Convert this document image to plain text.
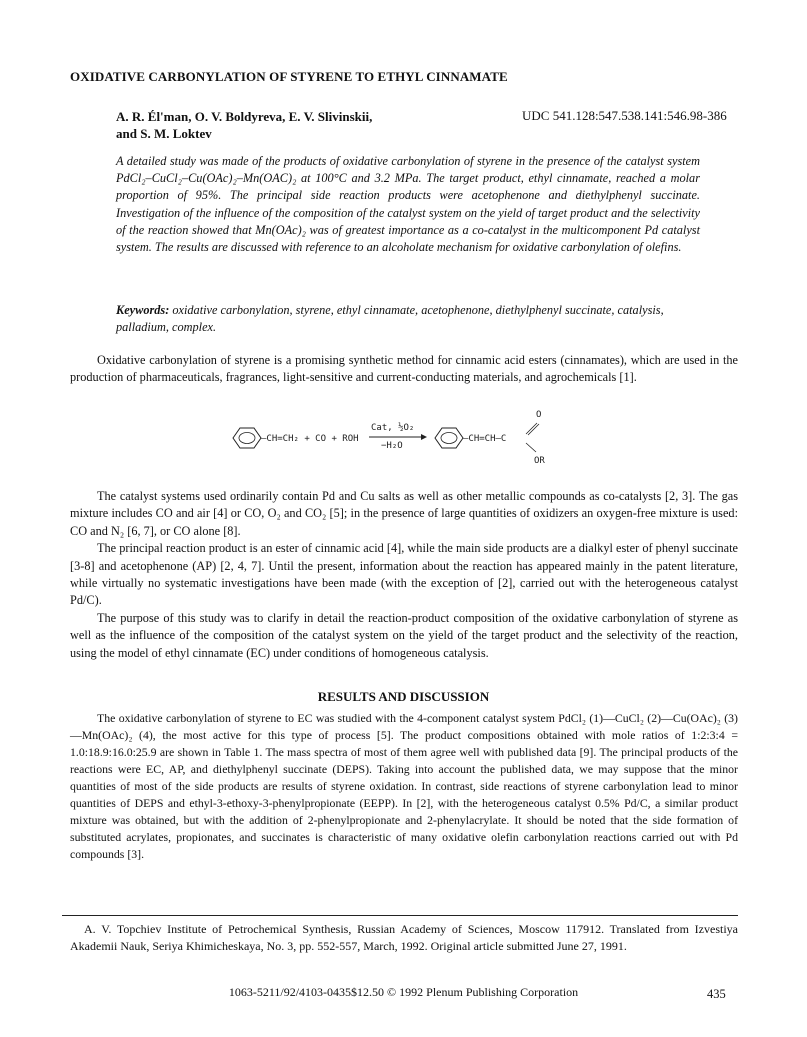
OXIDATIVE CARBONYLATION OF STYRENE TO ETHYL CINNAMATE
A. R. Él'man, O. V. Boldyreva, E. V. Slivinskii,
and S. M. Loktev
UDC 541.128:547.538.141:546.98-386

A detailed study was made of the products of oxidative carbonylation of styrene in the presence of the catalyst system PdCl₂–CuCl₂–Cu(OAc)₂–Mn(OAC)₂ at 100°C and 3.2 MPa. The target product, ethyl cinnamate, reached a molar proportion of 95%. The principal side reaction products were acetophenone and diethylphenyl succinate. Investigation of the influence of the composition of the catalyst system on the yield of target product and the selectivity of the reaction showed that Mn(OAc)₂ was of greatest importance as a co-catalyst in the multicomponent Pd catalyst system. The results are discussed with reference to an alcoholate mechanism for oxidative carbonylation of olefins.

Keywords: oxidative carbonylation, styrene, ethyl cinnamate, acetophenone, diethylphenyl succinate, catalysis, palladium, complex.

Oxidative carbonylation of styrene is a promising synthetic method for cinnamic acid esters (cinnamates), which are used in the production of pharmaceuticals, fragrances, light-sensitive and current-conducting materials, and agrochemicals [1].

—CH=CH₂ + CO + ROH
Cat, ½O₂
−H₂O
—CH=CH—C
O
OR

The catalyst systems used ordinarily contain Pd and Cu salts as well as other metallic compounds as co-catalysts [2, 3]. The gas mixture includes CO and air [4] or CO, O₂ and CO₂ [5]; in the presence of large quantities of oxidizers an oxygen-free mixture is used: CO and N₂ [6, 7], or CO alone [8].

The principal reaction product is an ester of cinnamic acid [4], while the main side products are a dialkyl ester of phenyl succinate [3-8] and acetophenone (AP) [2, 4, 7]. Until the present, information about the reaction has appeared mainly in the patent literature, while virtually no systematic investigations have been made (with the exception of [2], carried out with the heterogeneous catalyst Pd/C).

The purpose of this study was to clarify in detail the reaction-product composition of the oxidative carbonylation of styrene as well as the influence of the composition of the catalyst system on the yield of the target product and the selectivity of the reaction, using the model of ethyl cinnamate (EC) under conditions of homogeneous catalysis.

RESULTS AND DISCUSSION

The oxidative carbonylation of styrene to EC was studied with the 4-component catalyst system PdCl₂ (1)—CuCl₂ (2)—Cu(OAc)₂ (3)—Mn(OAc)₂ (4), the most active for this type of process [5]. The product compositions obtained with mole ratios of 1:2:3:4 = 1.0:18.9:16.0:25.9 are shown in Table 1. The mass spectra of most of them agree well with published data [9]. The principal products of the reactions were EC, AP, and diethylphenyl succinate (DEPS). Taking into account the published data, we may suppose that the minor quantities of most of the side products are results of styrene oxidation. In contrast, side reactions of styrene carbonylation lead to minor quantities of DEPS and ethyl-3-ethoxy-3-phenylpropionate (EEPP). In [2], with the heterogeneous catalyst 0.5% Pd/C, a similar product mixture was obtained, but with the addition of 2-phenylpropionate and 2-phenylacrylate. It should be noted that the side formation of substituted acrylates, propionates, and succinates is characteristic of many oxidative olefin carbonylation reactions carried out with Pd compounds [3].

A. V. Topchiev Institute of Petrochemical Synthesis, Russian Academy of Sciences, Moscow 117912. Translated from Izvestiya Akademii Nauk, Seriya Khimicheskaya, No. 3, pp. 552-557, March, 1992. Original article submitted June 27, 1991.

1063-5211/92/4103-0435$12.50 © 1992 Plenum Publishing Corporation	435
